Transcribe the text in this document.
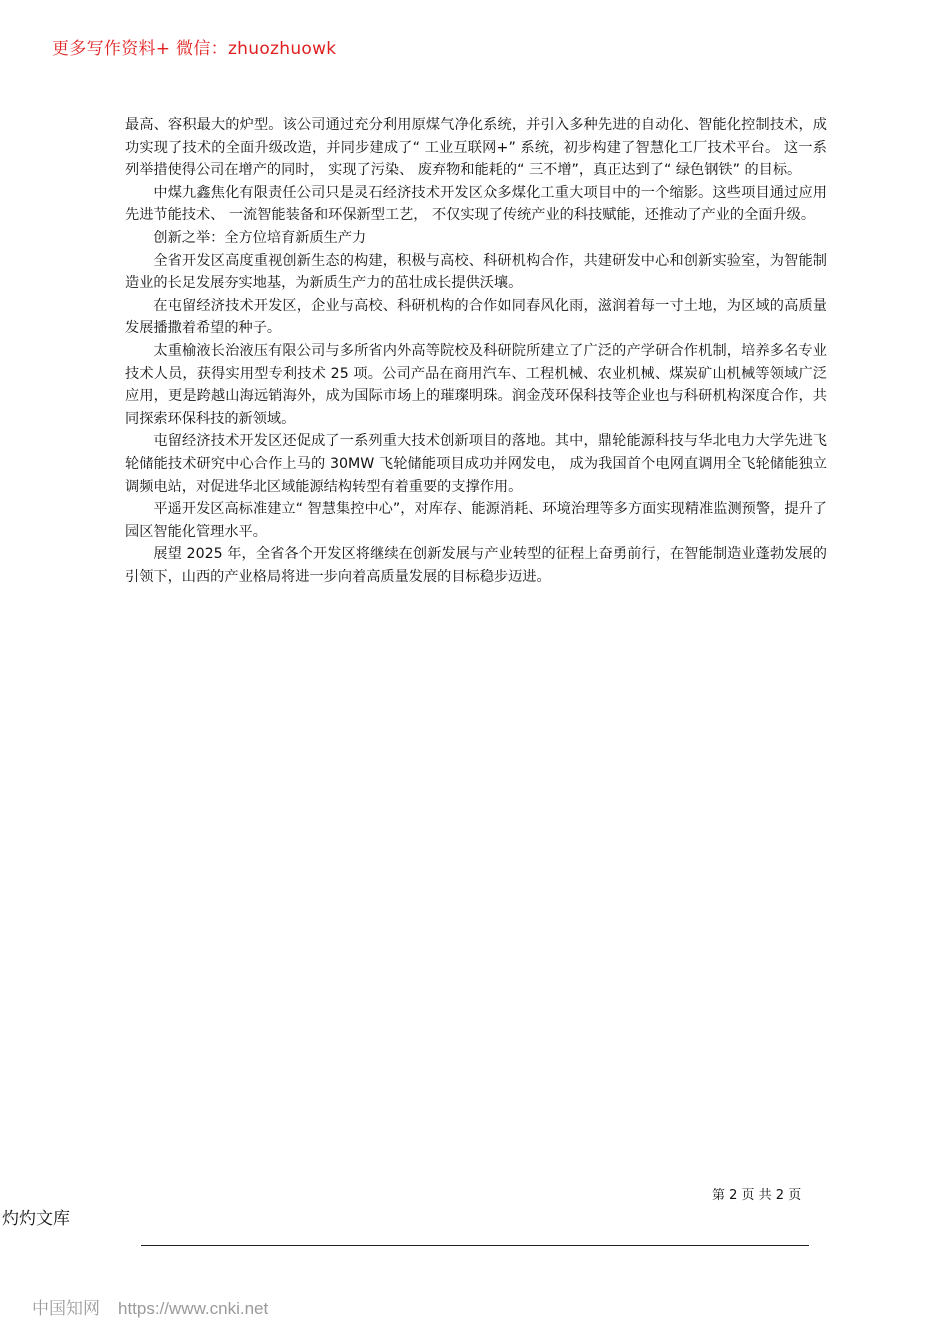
更多写作资料+ 微信：zhuozhuowk

最高、容积最大的炉型。该公司通过充分利用原煤气净化系统，并引入多种先进的自动化、智能化控制技术，成功实现了技术的全面升级改造，并同步建成了“ 工业互联网+” 系统，初步构建了智慧化工厂技术平台。 这一系列举措使得公司在增产的同时， 实现了污染、 废弃物和能耗的“ 三不增”，真正达到了“ 绿色钢铁” 的目标。

中煤九鑫焦化有限责任公司只是灵石经济技术开发区众多煤化工重大项目中的一个缩影。这些项目通过应用先进节能技术、 一流智能装备和环保新型工艺， 不仅实现了传统产业的科技赋能，还推动了产业的全面升级。

创新之举：全方位培育新质生产力

全省开发区高度重视创新生态的构建，积极与高校、科研机构合作，共建研发中心和创新实验室，为智能制造业的长足发展夯实地基，为新质生产力的茁壮成长提供沃壤。

在屯留经济技术开发区，企业与高校、科研机构的合作如同春风化雨，滋润着每一寸土地，为区域的高质量发展播撒着希望的种子。

太重榆液长治液压有限公司与多所省内外高等院校及科研院所建立了广泛的产学研合作机制，培养多名专业技术人员，获得实用型专利技术 25 项。公司产品在商用汽车、工程机械、农业机械、煤炭矿山机械等领域广泛应用，更是跨越山海远销海外，成为国际市场上的璀璨明珠。润金茂环保科技等企业也与科研机构深度合作，共同探索环保科技的新领域。

屯留经济技术开发区还促成了一系列重大技术创新项目的落地。其中，鼎轮能源科技与华北电力大学先进飞轮储能技术研究中心合作上马的 30MW 飞轮储能项目成功并网发电， 成为我国首个电网直调用全飞轮储能独立调频电站，对促进华北区域能源结构转型有着重要的支撑作用。

平遥开发区高标准建立“ 智慧集控中心”，对库存、能源消耗、环境治理等多方面实现精准监测预警，提升了园区智能化管理水平。

展望 2025 年，全省各个开发区将继续在创新发展与产业转型的征程上奋勇前行，在智能制造业蓬勃发展的引领下，山西的产业格局将进一步向着高质量发展的目标稳步迈进。

第 2 页 共 2 页
灼灼文库
中国知网 https://www.cnki.net
